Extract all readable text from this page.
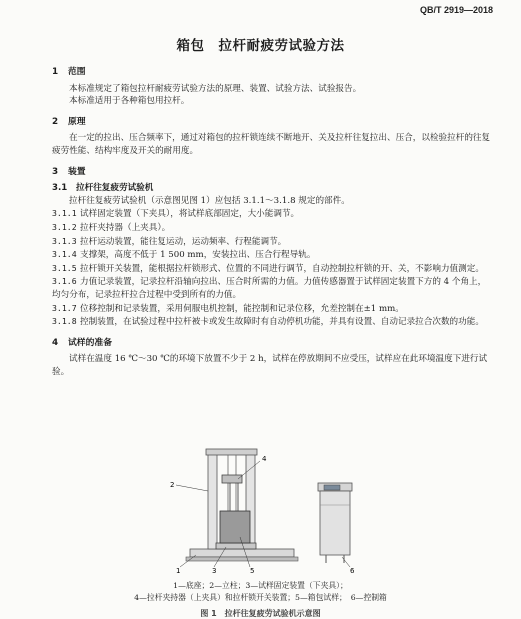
QB/T 2919—2018
箱包　拉杆耐疲劳试验方法
1 范围

本标准规定了箱包拉杆耐疲劳试验方法的原理、装置、试验方法、试验报告。

本标准适用于各种箱包用拉杆。

2 原理

在一定的拉出、压合频率下，通过对箱包的拉杆锁连续不断地开、关及拉杆往复拉出、压合，以检验拉杆的往复疲劳性能、结构牢度及开关的耐用度。

3 装置
3.1 拉杆往复疲劳试验机

拉杆往复疲劳试验机（示意图见图 1）应包括 3.1.1～3.1.8 规定的部件。

3.1.1 试样固定装置（下夹具），将试样底部固定，大小能调节。
3.1.2 拉杆夹持器（上夹具）。
3.1.3 拉杆运动装置，能往复运动，运动频率、行程能调节。
3.1.4 支撑架，高度不低于 1 500 mm，安装拉出、压合行程导轨。
3.1.5 拉杆锁开关装置，能根据拉杆锁形式、位置的不同进行调节，自动控制拉杆锁的开、关，不影响力值测定。
3.1.6 力值记录装置，记录拉杆沿轴向拉出、压合时所需的力值。力值传感器置于试样固定装置下方的 4 个角上，均匀分布，记录拉杆拉合过程中受到所有的力值。
3.1.7 位移控制和记录装置，采用伺服电机控制，能控制和记录位移，允差控制在±1 mm。
3.1.8 控制装置，在试验过程中拉杆被卡或发生故障时有自动停机功能，并具有设置、自动记录拉合次数的功能。
4 试样的准备

试样在温度 16 ℃～30 ℃的环境下放置不少于 2 h，试样在停放期间不应受压，试样应在此环境温度下进行试验。

2
4
1	3	5	6
1—底座；2—立柱；3—试样固定装置（下夹具）；
4—拉杆夹持器（上夹具）和拉杆锁开关装置；5—箱包试样；　6—控制箱
图 1　拉杆往复疲劳试验机示意图
